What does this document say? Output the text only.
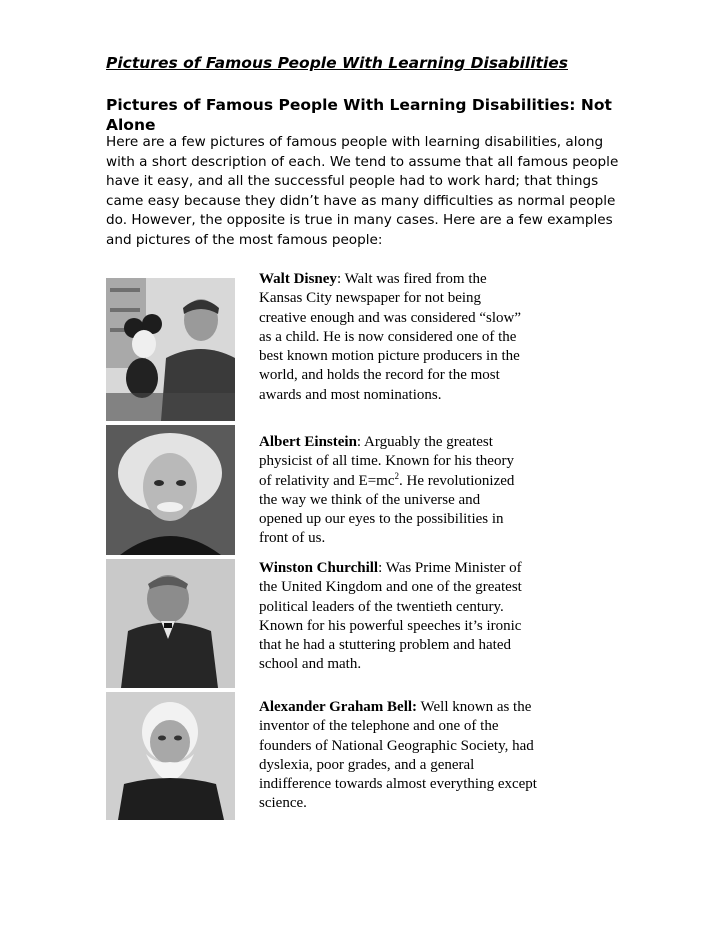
Pictures of Famous People With Learning Disabilities
Pictures of Famous People With Learning Disabilities: Not Alone

Here are a few pictures of famous people with learning disabilities, along with a short description of each. We tend to assume that all famous people have it easy, and all the successful people had to work hard; that things came easy because they didn’t have as many difficulties as normal people do. However, the opposite is true in many cases. Here are a few examples and pictures of the most famous people:

Walt Disney: Walt was fired from the Kansas City newspaper for not being creative enough and was considered “slow” as a child. He is now considered one of the best known motion picture producers in the world, and holds the record for the most awards and most nominations.

Albert Einstein: Arguably the greatest physicist of all time. Known for his theory of relativity and $E=mc^2$. He revolutionized the way we think of the universe and opened up our eyes to the possibilities in front of us.

Winston Churchill: Was Prime Minister of the United Kingdom and one of the greatest political leaders of the twentieth century. Known for his powerful speeches it’s ironic that he had a stuttering problem and hated school and math.

Alexander Graham Bell: Well known as the inventor of the telephone and one of the founders of National Geographic Society, had dyslexia, poor grades, and a general indifference towards almost everything except science.
